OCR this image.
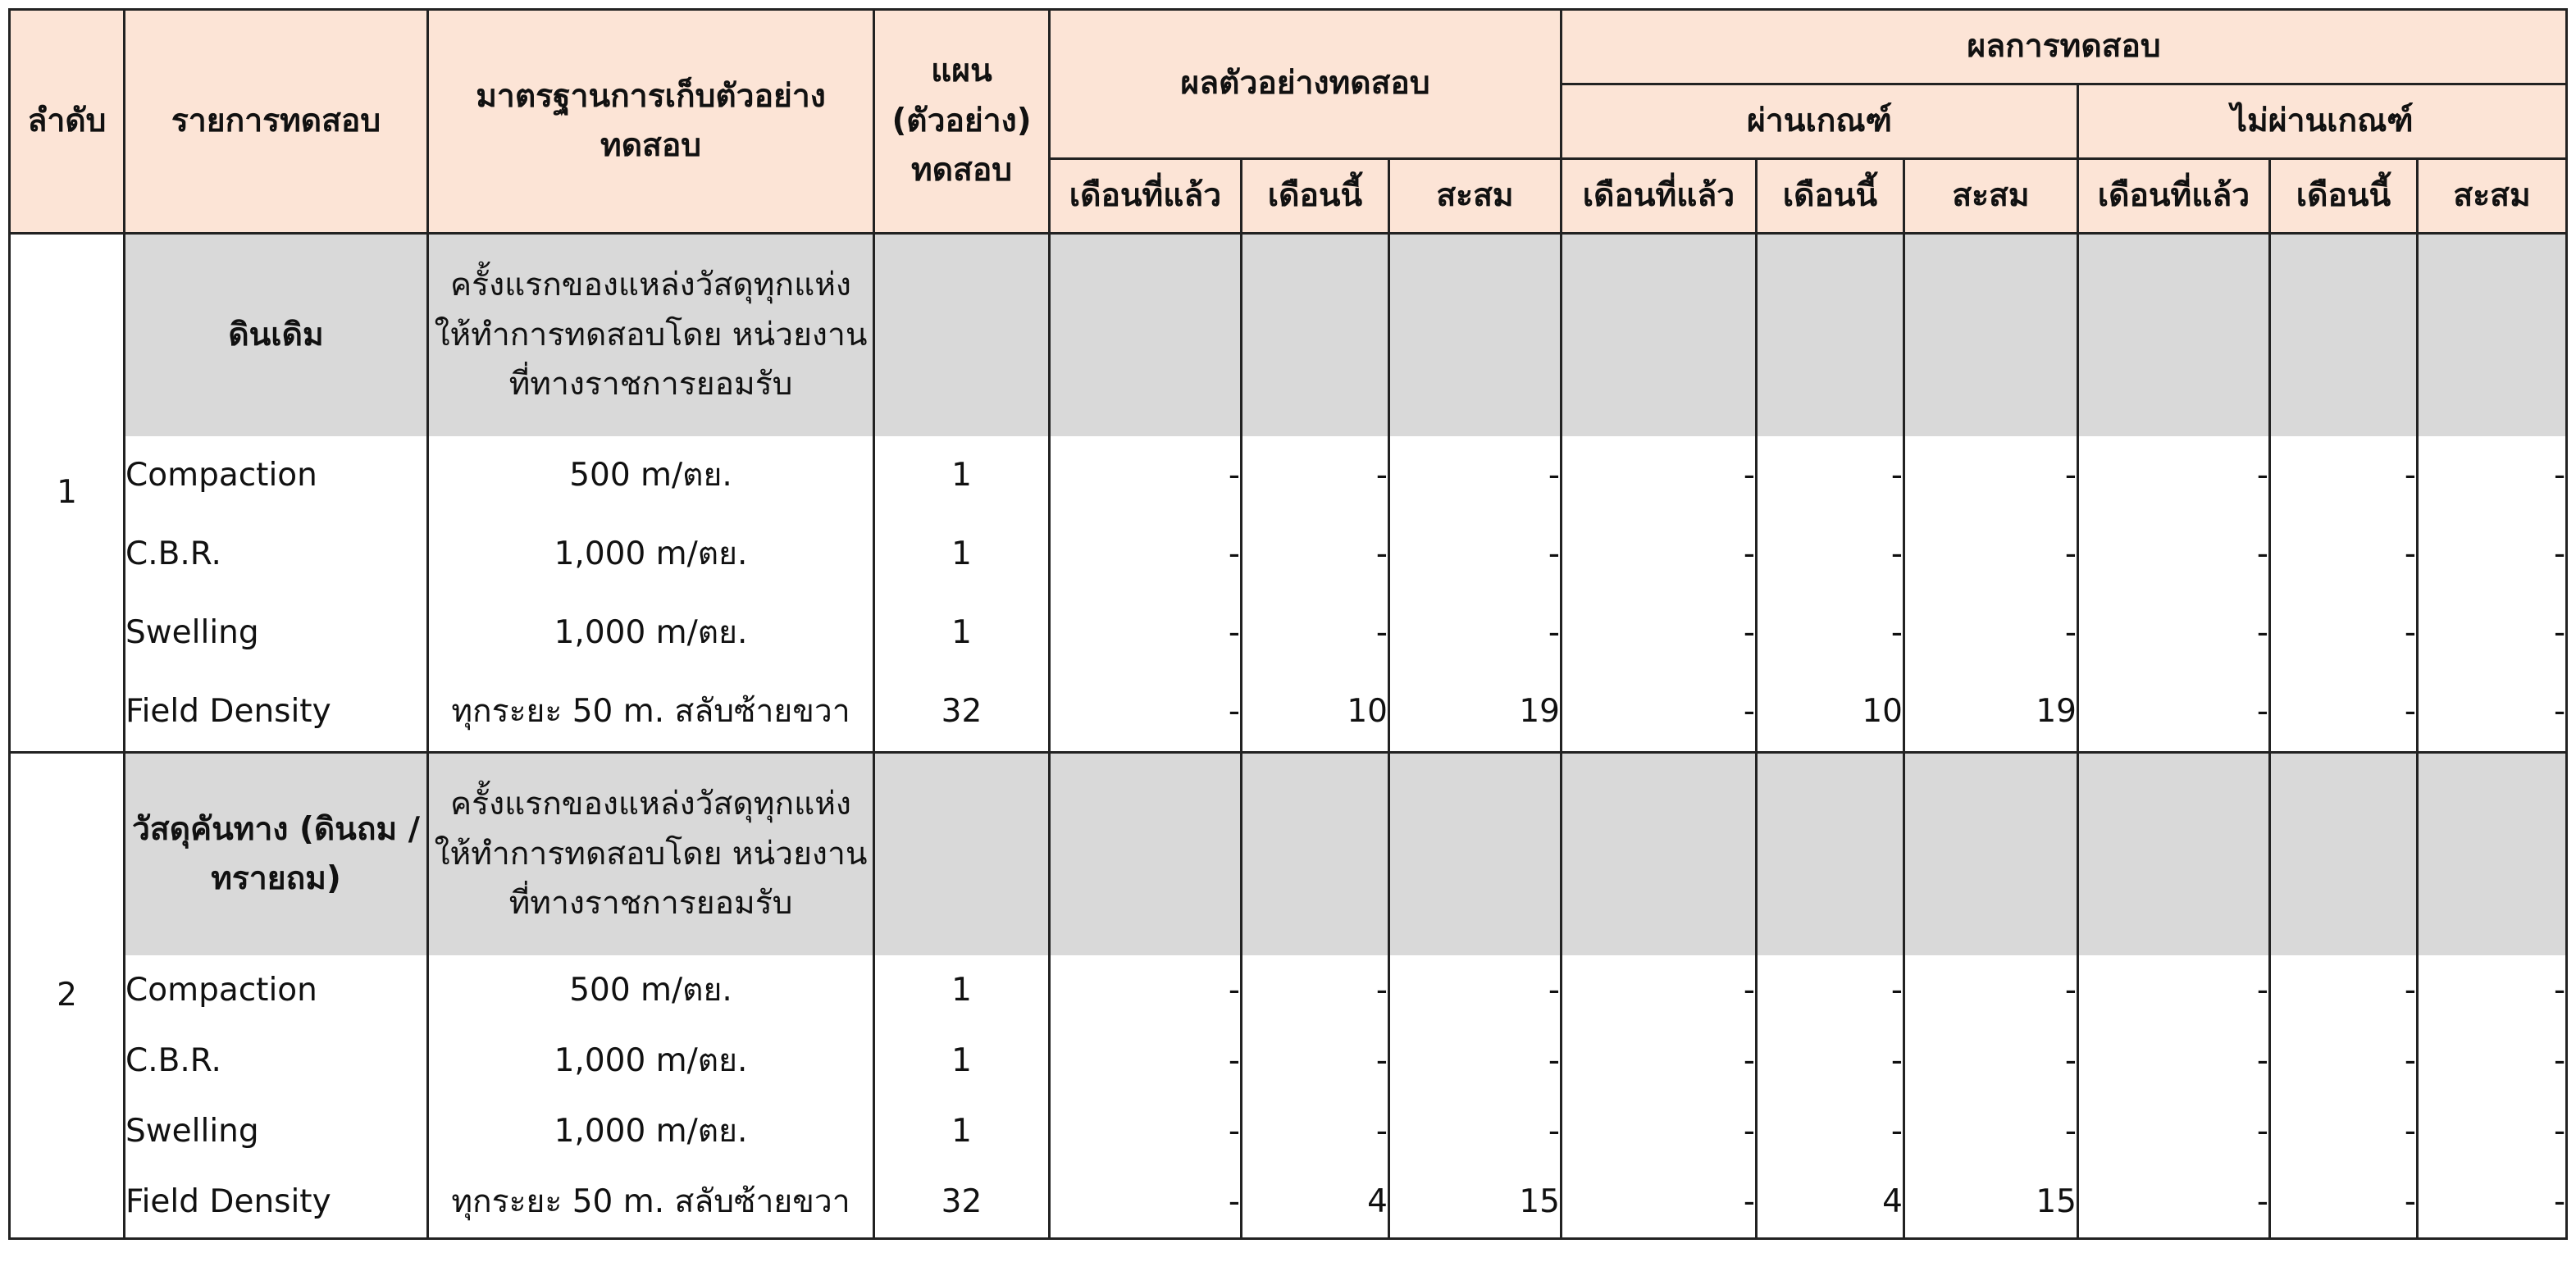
ลำดับ	รายการทดสอบ	มาตรฐานการเก็บตัวอย่างทดสอบ	แผน (ตัวอย่าง) ทดสอบ	ผลตัวอย่างทดสอบ			ผลการทดสอบ					
							ผ่านเกณฑ์			ไม่ผ่านเกณฑ์		
				เดือนที่แล้ว	เดือนนี้	สะสม	เดือนที่แล้ว	เดือนนี้	สะสม	เดือนที่แล้ว	เดือนนี้	สะสม
1	ดินเดิม	ครั้งแรกของแหล่งวัสดุทุกแห่ง ให้ทำการทดสอบโดย หน่วยงานที่ทางราชการยอมรับ										
	Compaction	500 m/ตย.	1	-	-	-	-	-	-	-	-	-
	C.B.R.	1,000 m/ตย.	1	-	-	-	-	-	-	-	-	-
	Swelling	1,000 m/ตย.	1	-	-	-	-	-	-	-	-	-
	Field Density	ทุกระยะ 50 m. สลับซ้ายขวา	32	-	10	19	-	10	19	-	-	-
2	วัสดุคันทาง (ดินถม / ทรายถม)	ครั้งแรกของแหล่งวัสดุทุกแห่ง ให้ทำการทดสอบโดย หน่วยงานที่ทางราชการยอมรับ										
	Compaction	500 m/ตย.	1	-	-	-	-	-	-	-	-	-
	C.B.R.	1,000 m/ตย.	1	-	-	-	-	-	-	-	-	-
	Swelling	1,000 m/ตย.	1	-	-	-	-	-	-	-	-	-
	Field Density	ทุกระยะ 50 m. สลับซ้ายขวา	32	-	4	15	-	4	15	-	-	-
